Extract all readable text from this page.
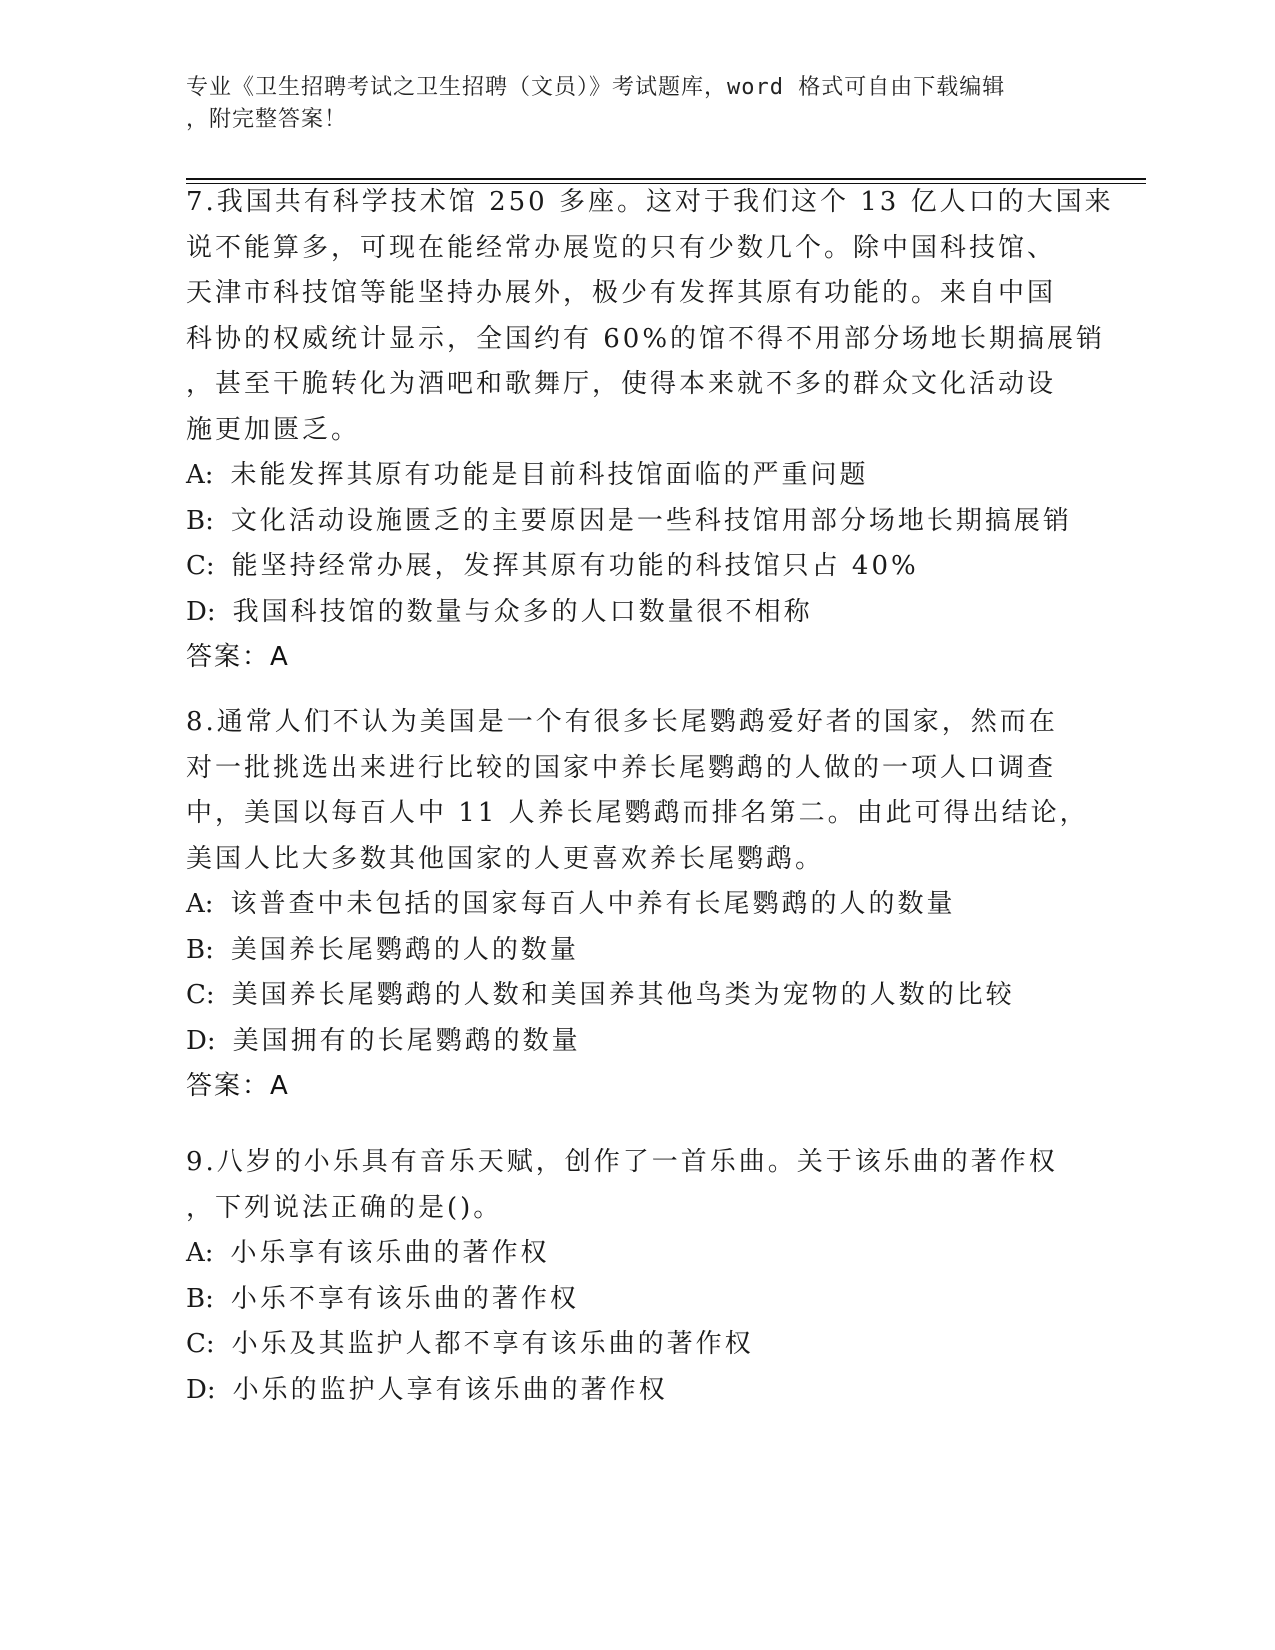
专业《卫生招聘考试之卫生招聘（文员）》考试题库，word 格式可自由下载编辑
，附完整答案！
7.我国共有科学技术馆 250 多座。这对于我们这个 13 亿人口的大国来
说不能算多，可现在能经常办展览的只有少数几个。除中国科技馆、
天津市科技馆等能坚持办展外，极少有发挥其原有功能的。来自中国
科协的权威统计显示，全国约有 60%的馆不得不用部分场地长期搞展销
，甚至干脆转化为酒吧和歌舞厅，使得本来就不多的群众文化活动设
施更加匮乏。
A: 未能发挥其原有功能是目前科技馆面临的严重问题
B: 文化活动设施匮乏的主要原因是一些科技馆用部分场地长期搞展销
C: 能坚持经常办展，发挥其原有功能的科技馆只占 40%
D: 我国科技馆的数量与众多的人口数量很不相称
答案：A
8.通常人们不认为美国是一个有很多长尾鹦鹉爱好者的国家，然而在
对一批挑选出来进行比较的国家中养长尾鹦鹉的人做的一项人口调查
中，美国以每百人中 11 人养长尾鹦鹉而排名第二。由此可得出结论，
美国人比大多数其他国家的人更喜欢养长尾鹦鹉。
A: 该普查中未包括的国家每百人中养有长尾鹦鹉的人的数量
B: 美国养长尾鹦鹉的人的数量
C: 美国养长尾鹦鹉的人数和美国养其他鸟类为宠物的人数的比较
D: 美国拥有的长尾鹦鹉的数量
答案：A
9.八岁的小乐具有音乐天赋，创作了一首乐曲。关于该乐曲的著作权
，下列说法正确的是()。
A: 小乐享有该乐曲的著作权
B: 小乐不享有该乐曲的著作权
C: 小乐及其监护人都不享有该乐曲的著作权
D: 小乐的监护人享有该乐曲的著作权
